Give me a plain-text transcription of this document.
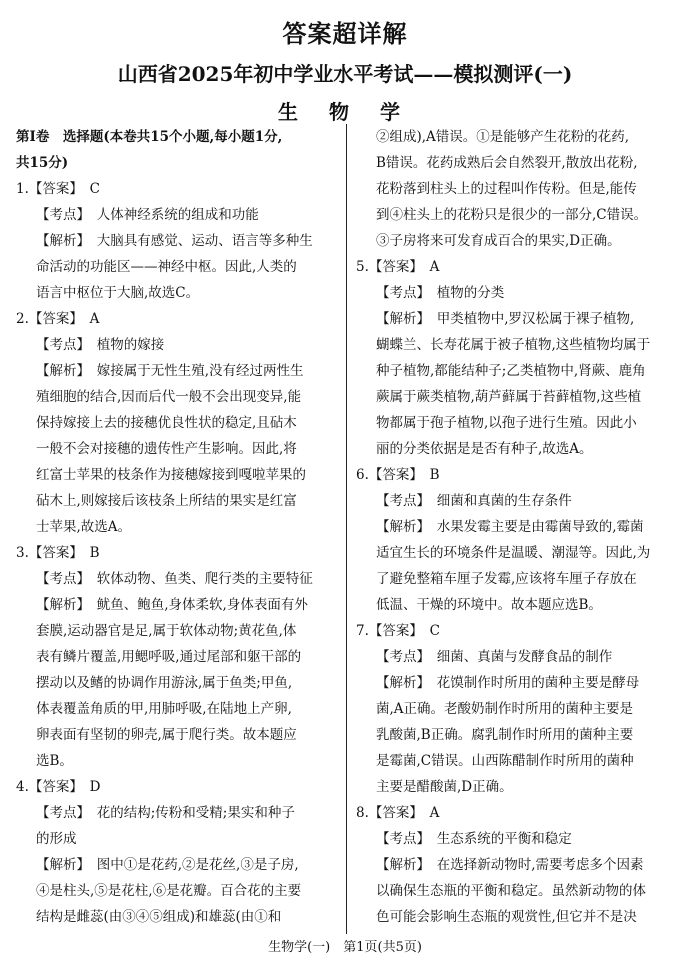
答案超详解
山西省2025年初中学业水平考试——模拟测评(一)
生 物 学
第Ⅰ卷　选择题(本卷共15个小题,每小题1分,
共15分)
1.【答案】　C
【考点】　人体神经系统的组成和功能
【解析】　大脑具有感觉、运动、语言等多种生
命活动的功能区——神经中枢。因此,人类的
语言中枢位于大脑,故选C。
2.【答案】　A
【考点】　植物的嫁接
【解析】　嫁接属于无性生殖,没有经过两性生
殖细胞的结合,因而后代一般不会出现变异,能
保持嫁接上去的接穗优良性状的稳定,且砧木
一般不会对接穗的遗传性产生影响。因此,将
红富士苹果的枝条作为接穗嫁接到嘎啦苹果的
砧木上,则嫁接后该枝条上所结的果实是红富
士苹果,故选A。
3.【答案】　B
【考点】　软体动物、鱼类、爬行类的主要特征
【解析】　鱿鱼、鲍鱼,身体柔软,身体表面有外
套膜,运动器官是足,属于软体动物;黄花鱼,体
表有鳞片覆盖,用鳃呼吸,通过尾部和躯干部的
摆动以及鳍的协调作用游泳,属于鱼类;甲鱼,
体表覆盖角质的甲,用肺呼吸,在陆地上产卵,
卵表面有坚韧的卵壳,属于爬行类。故本题应
选B。
4.【答案】　D
【考点】　花的结构;传粉和受精;果实和种子
的形成
【解析】　图中①是花药,②是花丝,③是子房,
④是柱头,⑤是花柱,⑥是花瓣。百合花的主要
结构是雌蕊(由③④⑤组成)和雄蕊(由①和
②组成),A错误。①是能够产生花粉的花药,
B错误。花药成熟后会自然裂开,散放出花粉,
花粉落到柱头上的过程叫作传粉。但是,能传
到④柱头上的花粉只是很少的一部分,C错误。
③子房将来可发育成百合的果实,D正确。
5.【答案】　A
【考点】　植物的分类
【解析】　甲类植物中,罗汉松属于裸子植物,
蝴蝶兰、长寿花属于被子植物,这些植物均属于
种子植物,都能结种子;乙类植物中,肾蕨、鹿角
蕨属于蕨类植物,葫芦藓属于苔藓植物,这些植
物都属于孢子植物,以孢子进行生殖。因此小
丽的分类依据是是否有种子,故选A。
6.【答案】　B
【考点】　细菌和真菌的生存条件
【解析】　水果发霉主要是由霉菌导致的,霉菌
适宜生长的环境条件是温暖、潮湿等。因此,为
了避免整箱车厘子发霉,应该将车厘子存放在
低温、干燥的环境中。故本题应选B。
7.【答案】　C
【考点】　细菌、真菌与发酵食品的制作
【解析】　花馍制作时所用的菌种主要是酵母
菌,A正确。老酸奶制作时所用的菌种主要是
乳酸菌,B正确。腐乳制作时所用的菌种主要
是霉菌,C错误。山西陈醋制作时所用的菌种
主要是醋酸菌,D正确。
8.【答案】　A
【考点】　生态系统的平衡和稳定
【解析】　在选择新动物时,需要考虑多个因素
以确保生态瓶的平衡和稳定。虽然新动物的体
色可能会影响生态瓶的观赏性,但它并不是决
生物学(一)　第1页(共5页)
